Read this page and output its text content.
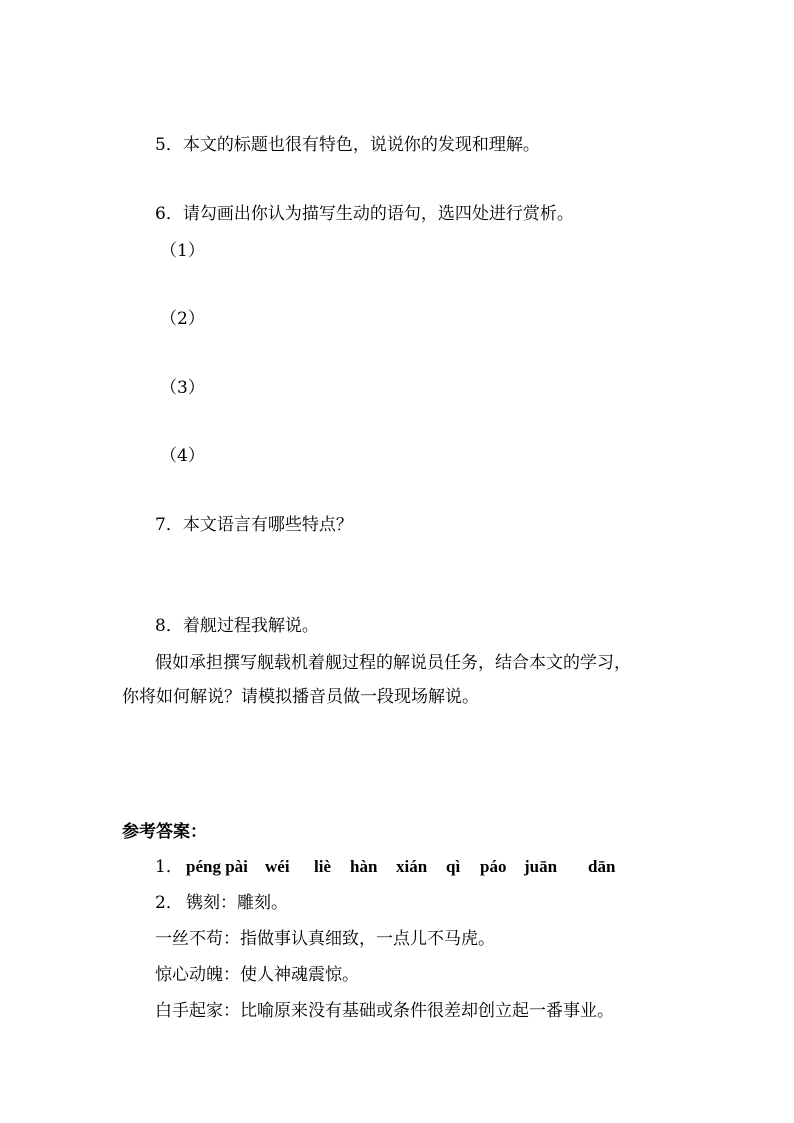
5．本文的标题也很有特色，说说你的发现和理解。
6．请勾画出你认为描写生动的语句，选四处进行赏析。
（1）
（2）
（3）
（4）
7．本文语言有哪些特点？
8．着舰过程我解说。
假如承担撰写舰载机着舰过程的解说员任务，结合本文的学习，
你将如何解说？请模拟播音员做一段现场解说。
参考答案：
1． péng pài wéi liè hàn xián qì páo juān dān
2． 镌刻：雕刻。
一丝不苟：指做事认真细致，一点儿不马虎。
惊心动魄：使人神魂震惊。
白手起家：比喻原来没有基础或条件很差却创立起一番事业。
